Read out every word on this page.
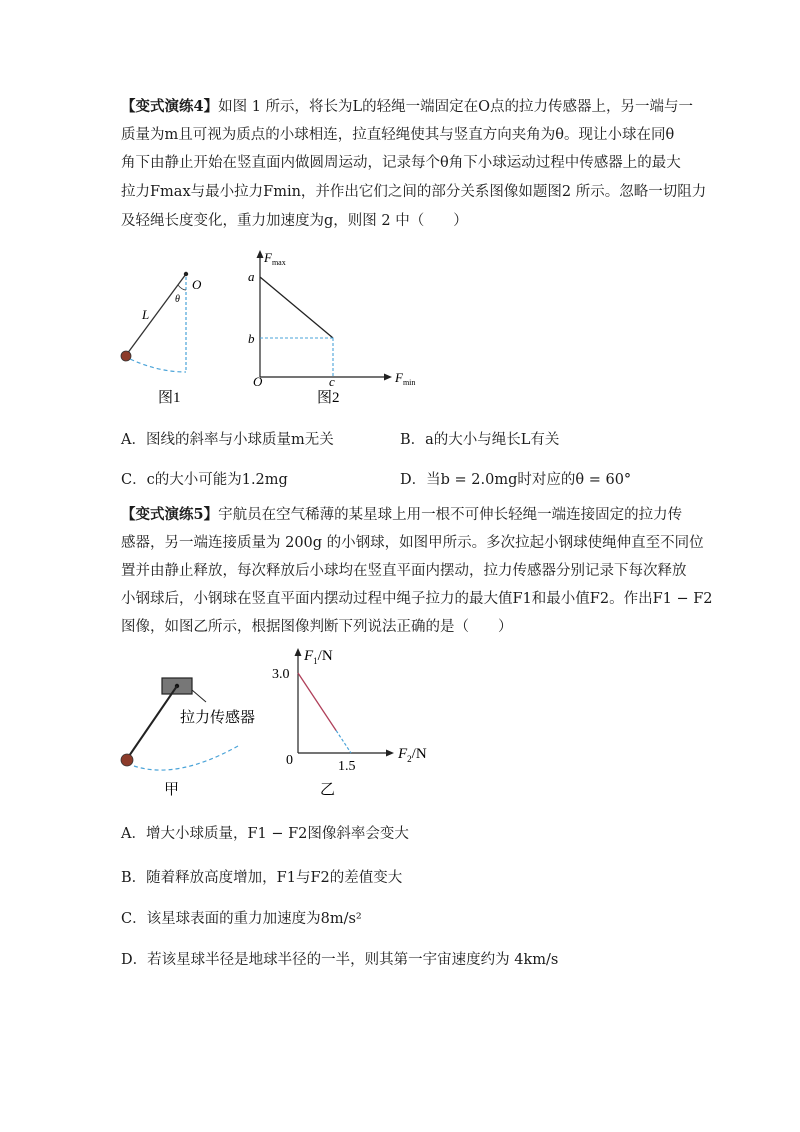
【变式演练4】如图 1 所示，将长为L的轻绳一端固定在O点的拉力传感器上，另一端与一
质量为m且可视为质点的小球相连，拉直轻绳使其与竖直方向夹角为θ。现让小球在同θ
角下由静止开始在竖直面内做圆周运动，记录每个θ角下小球运动过程中传感器上的最大
拉力Fmax与最小拉力Fmin，并作出它们之间的部分关系图像如题图2 所示。忽略一切阻力
及轻绳长度变化，重力加速度为g，则图 2 中（　　）
O
L
θ
图1
$F_{max}$
$F_{min}$
a
b
c
O
图2
A．图线的斜率与小球质量m无关	B．a的大小与绳长L有关
C．c的大小可能为1.2mg	D．当b = 2.0mg时对应的θ = 60°
【变式演练5】宇航员在空气稀薄的某星球上用一根不可伸长轻绳一端连接固定的拉力传
感器，另一端连接质量为 200g 的小钢球，如图甲所示。多次拉起小钢球使绳伸直至不同位
置并由静止释放，每次释放后小球均在竖直平面内摆动，拉力传感器分别记录下每次释放
小钢球后，小钢球在竖直平面内摆动过程中绳子拉力的最大值F1和最小值F2。作出F1 − F2
图像，如图乙所示，根据图像判断下列说法正确的是（　　）
拉力传感器
甲
$F_1/N$
$F_2/N$
3.0
1.5
0
乙
A．增大小球质量，F1 − F2图像斜率会变大
B．随着释放高度增加，F1与F2的差值变大
C．该星球表面的重力加速度为8m/s²
D．若该星球半径是地球半径的一半，则其第一宇宙速度约为 4km/s
